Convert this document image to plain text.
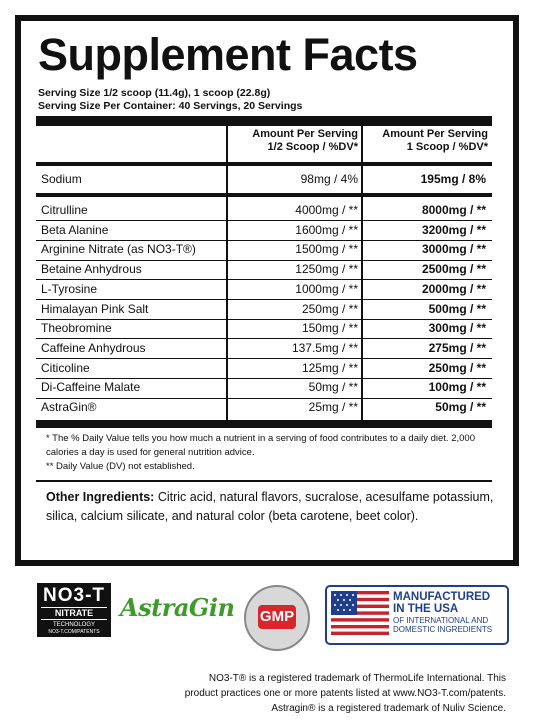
Supplement Facts
Serving Size 1/2 scoop (11.4g), 1 scoop (22.8g)
Serving Size Per Container: 40 Servings, 20 Servings
Amount Per Serving
1/2 Scoop / %DV*
Amount Per Serving
1 Scoop / %DV*
Sodium	98mg / 4%	195mg / 8%
Citrulline	4000mg / **	8000mg / **
Beta Alanine	1600mg / **	3200mg / **
Arginine Nitrate (as NO3-T®)	1500mg / **	3000mg / **
Betaine Anhydrous	1250mg / **	2500mg / **
L-Tyrosine	1000mg / **	2000mg / **
Himalayan Pink Salt	250mg / **	500mg / **
Theobromine	150mg / **	300mg / **
Caffeine Anhydrous	137.5mg / **	275mg / **
Citicoline	125mg / **	250mg / **
Di-Caffeine Malate	50mg / **	100mg / **
AstraGin®	25mg / **	50mg / **
* The % Daily Value tells you how much a nutrient in a serving of food contributes to a daily diet. 2,000 calories a day is used for general nutrition advice.
** Daily Value (DV) not established.
Other Ingredients: Citric acid, natural flavors, sucralose, acesulfame potassium, silica, calcium silicate, and natural color (beta carotene, beet color).
NO3-T
NITRATE
TECHNOLOGY
NO3-T.COM/PATENTS
AstraGin GMP
MANUFACTURED IN THE USA
OF INTERNATIONAL AND DOMESTIC INGREDIENTS
NO3-T® is a registered trademark of ThermoLife International. This
product practices one or more patents listed at www.NO3-T.com/patents.
Astragin® is a registered trademark of Nuliv Science.
